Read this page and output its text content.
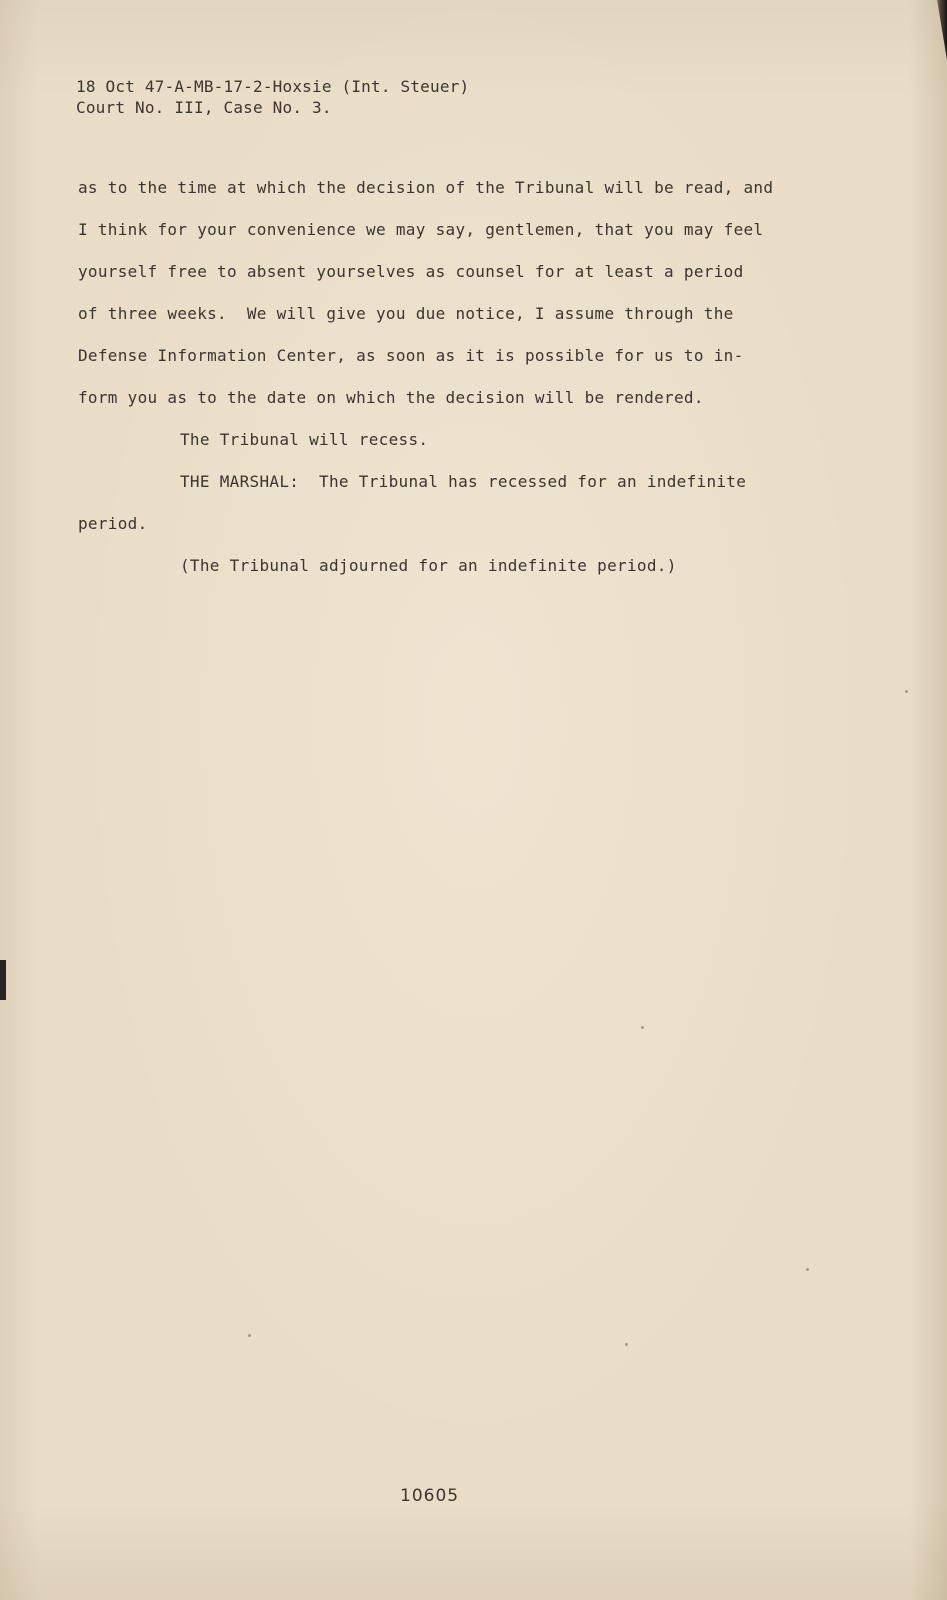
18 Oct 47-A-MB-17-2-Hoxsie (Int. Steuer)
Court No. III, Case No. 3.
as to the time at which the decision of the Tribunal will be read, and
I think for your convenience we may say, gentlemen, that you may feel
yourself free to absent yourselves as counsel for at least a period
of three weeks.  We will give you due notice, I assume through the
Defense Information Center, as soon as it is possible for us to in-
form you as to the date on which the decision will be rendered.
The Tribunal will recess.
THE MARSHAL:  The Tribunal has recessed for an indefinite
period.
(The Tribunal adjourned for an indefinite period.)
10605
